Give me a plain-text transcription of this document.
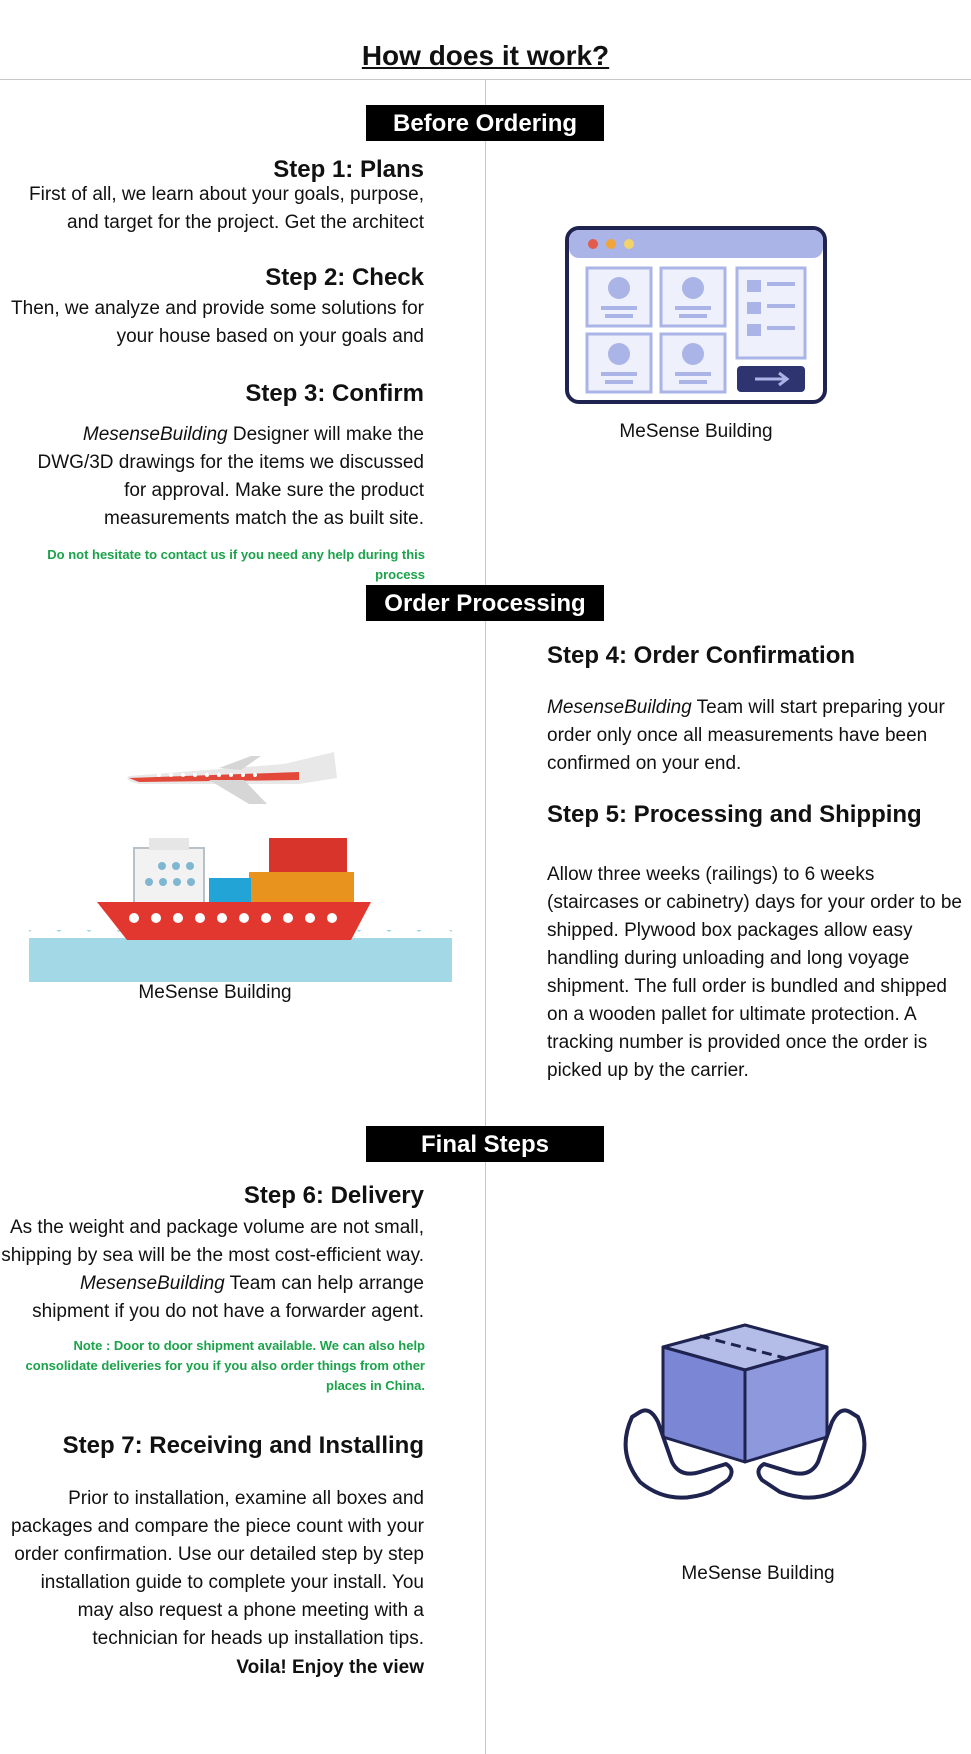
How does it work?
Before Ordering
Step 1: Plans
First of all, we learn about your goals, purpose, and target for the project. Get the architect
Step 2: Check
Then, we analyze and provide some solutions for your house based on your goals and
Step 3: Confirm
MesenseBuilding Designer will make the DWG/3D drawings for the items we discussed for approval. Make sure the product measurements match the as built site.
Do not hesitate to contact us if you need any help during this process
MeSense Building
Order Processing
Step 4: Order Confirmation
MesenseBuilding Team will start preparing your order only once all measurements have been confirmed on your end.
Step 5: Processing and Shipping
Allow three weeks (railings) to 6 weeks (staircases or cabinetry) days for your order to be shipped. Plywood box packages allow easy handling during unloading and long voyage shipment. The full order is bundled and shipped on a wooden pallet for ultimate protection. A tracking number is provided once the order is picked up by the carrier.
MeSense Building
Final Steps
Step 6: Delivery
As the weight and package volume are not small, shipping by sea will be the most cost-efficient way. MesenseBuilding Team can help arrange shipment if you do not have a forwarder agent.
Note : Door to door shipment available. We can also help consolidate deliveries for you if you also order things from other places in China.
Step 7: Receiving and Installing
Prior to installation, examine all boxes and packages and compare the piece count with your order confirmation. Use our detailed step by step installation guide to complete your install. You may also request a phone meeting with a technician for heads up installation tips.
Voila! Enjoy the view
MeSense Building
